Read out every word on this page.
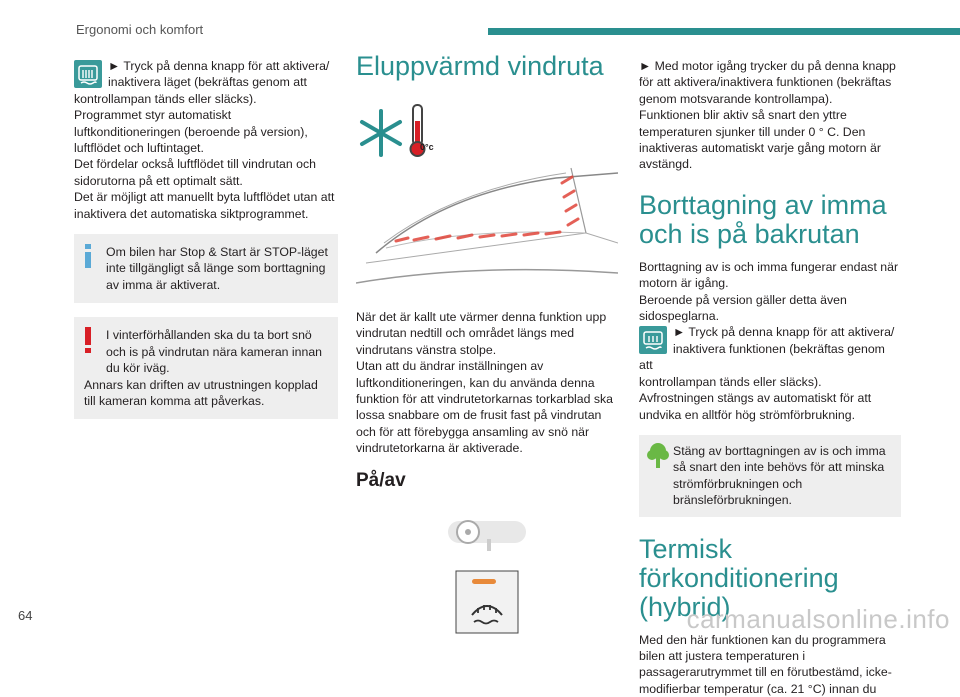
Ergonomi och komfort

► Tryck på denna knapp för att aktivera/

inaktivera läget (bekräftas genom att

kontrollampan tänds eller släcks).

Programmet styr automatiskt luftkonditioneringen (beroende på version), luftflödet och luftintaget.

Det fördelar också luftflödet till vindrutan och sidorutorna på ett optimalt sätt.

Det är möjligt att manuellt byta luftflödet utan att inaktivera det automatiska siktprogrammet.

Om bilen har Stop & Start är STOP-läget inte tillgängligt så länge som borttagning av imma är aktiverat.

I vinterförhållanden ska du ta bort snö och is på vindrutan nära kameran innan du kör iväg.

Annars kan driften av utrustningen kopplad till kameran komma att påverkas.

Eluppvärmd vindruta
0°c

När det är kallt ute värmer denna funktion upp vindrutan nedtill och området längs med vindrutans vänstra stolpe.

Utan att du ändrar inställningen av luftkonditioneringen, kan du använda denna funktion för att vindrutetorkarnas torkarblad ska lossa snabbare om de frusit fast på vindrutan och för att förebygga ansamling av snö när vindrutetorkarna är aktiverade.

På/av

► Med motor igång trycker du på denna knapp för att aktivera/inaktivera funktionen (bekräftas genom motsvarande kontrollampa).

Funktionen blir aktiv så snart den yttre temperaturen sjunker till under 0 ° C. Den inaktiveras automatiskt varje gång motorn är avstängd.

Borttagning av imma och is på bakrutan

Borttagning av is och imma fungerar endast när motorn är igång.

Beroende på version gäller detta även sidospeglarna.

► Tryck på denna knapp för att aktivera/

inaktivera funktionen (bekräftas genom att

kontrollampan tänds eller släcks).

Avfrostningen stängs av automatiskt för att undvika en alltför hög strömförbrukning.

Stäng av borttagningen av is och imma så snart den inte behövs för att minska strömförbrukningen och bränsleförbrukningen.

Termisk förkonditionering (hybrid)

Med den här funktionen kan du programmera bilen att justera temperaturen i passagerarutrymmet till en förutbestämd, icke-modifierbar temperatur (ca. 21 °C) innan du

64	carmanualsonline.info
